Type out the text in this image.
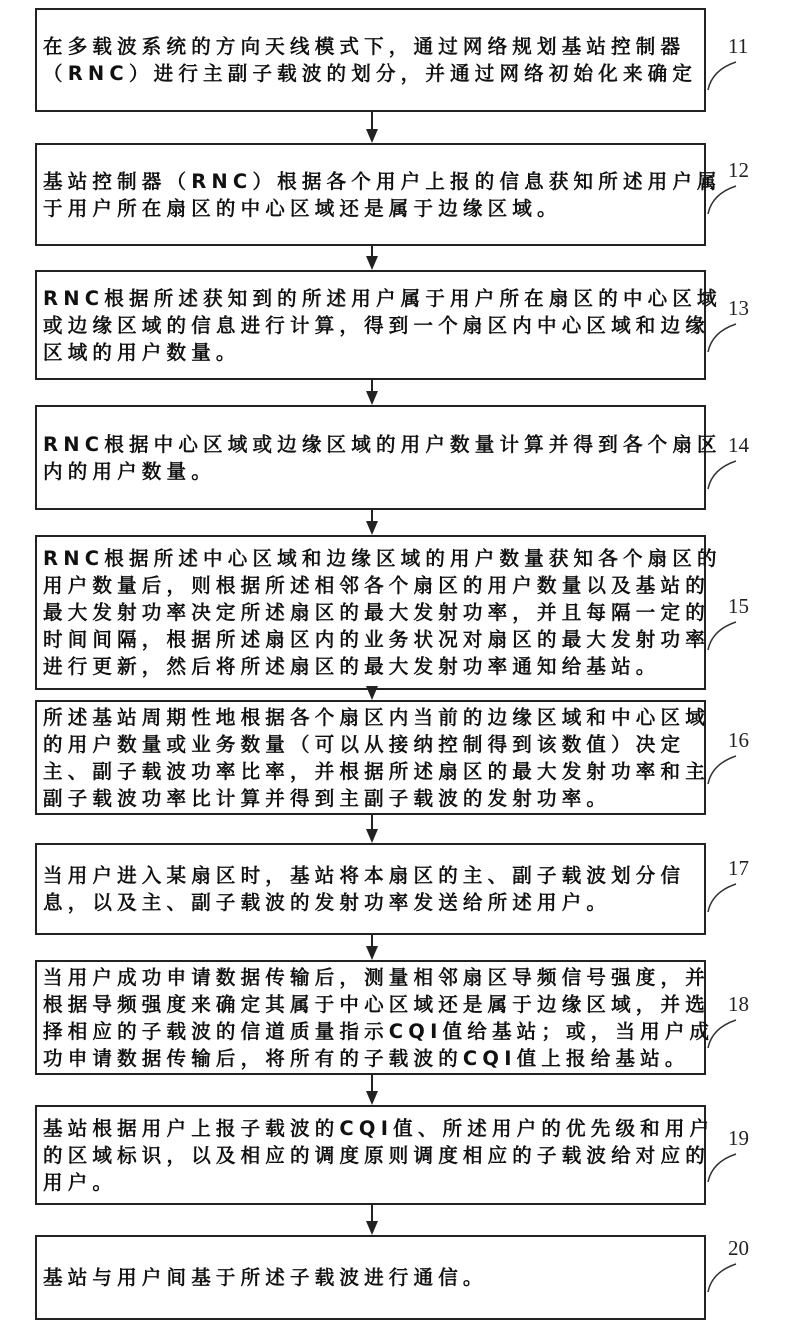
在多载波系统的方向天线模式下，通过网络规划基站控制器
（RNC）进行主副子载波的划分，并通过网络初始化来确定
11
基站控制器（RNC）根据各个用户上报的信息获知所述用户属
于用户所在扇区的中心区域还是属于边缘区域。
12
RNC根据所述获知到的所述用户属于用户所在扇区的中心区域
或边缘区域的信息进行计算，得到一个扇区内中心区域和边缘
区域的用户数量。
13
RNC根据中心区域或边缘区域的用户数量计算并得到各个扇区
内的用户数量。
14
RNC根据所述中心区域和边缘区域的用户数量获知各个扇区的
用户数量后，则根据所述相邻各个扇区的用户数量以及基站的
最大发射功率决定所述扇区的最大发射功率，并且每隔一定的
时间间隔，根据所述扇区内的业务状况对扇区的最大发射功率
进行更新，然后将所述扇区的最大发射功率通知给基站。
15
所述基站周期性地根据各个扇区内当前的边缘区域和中心区域
的用户数量或业务数量（可以从接纳控制得到该数值）决定
主、副子载波功率比率，并根据所述扇区的最大发射功率和主
副子载波功率比计算并得到主副子载波的发射功率。
16
当用户进入某扇区时，基站将本扇区的主、副子载波划分信
息，以及主、副子载波的发射功率发送给所述用户。
17
当用户成功申请数据传输后，测量相邻扇区导频信号强度，并
根据导频强度来确定其属于中心区域还是属于边缘区域，并选
择相应的子载波的信道质量指示CQI值给基站；或，当用户成
功申请数据传输后，将所有的子载波的CQI值上报给基站。
18
基站根据用户上报子载波的CQI值、所述用户的优先级和用户
的区域标识，以及相应的调度原则调度相应的子载波给对应的
用户。
19
基站与用户间基于所述子载波进行通信。
20
